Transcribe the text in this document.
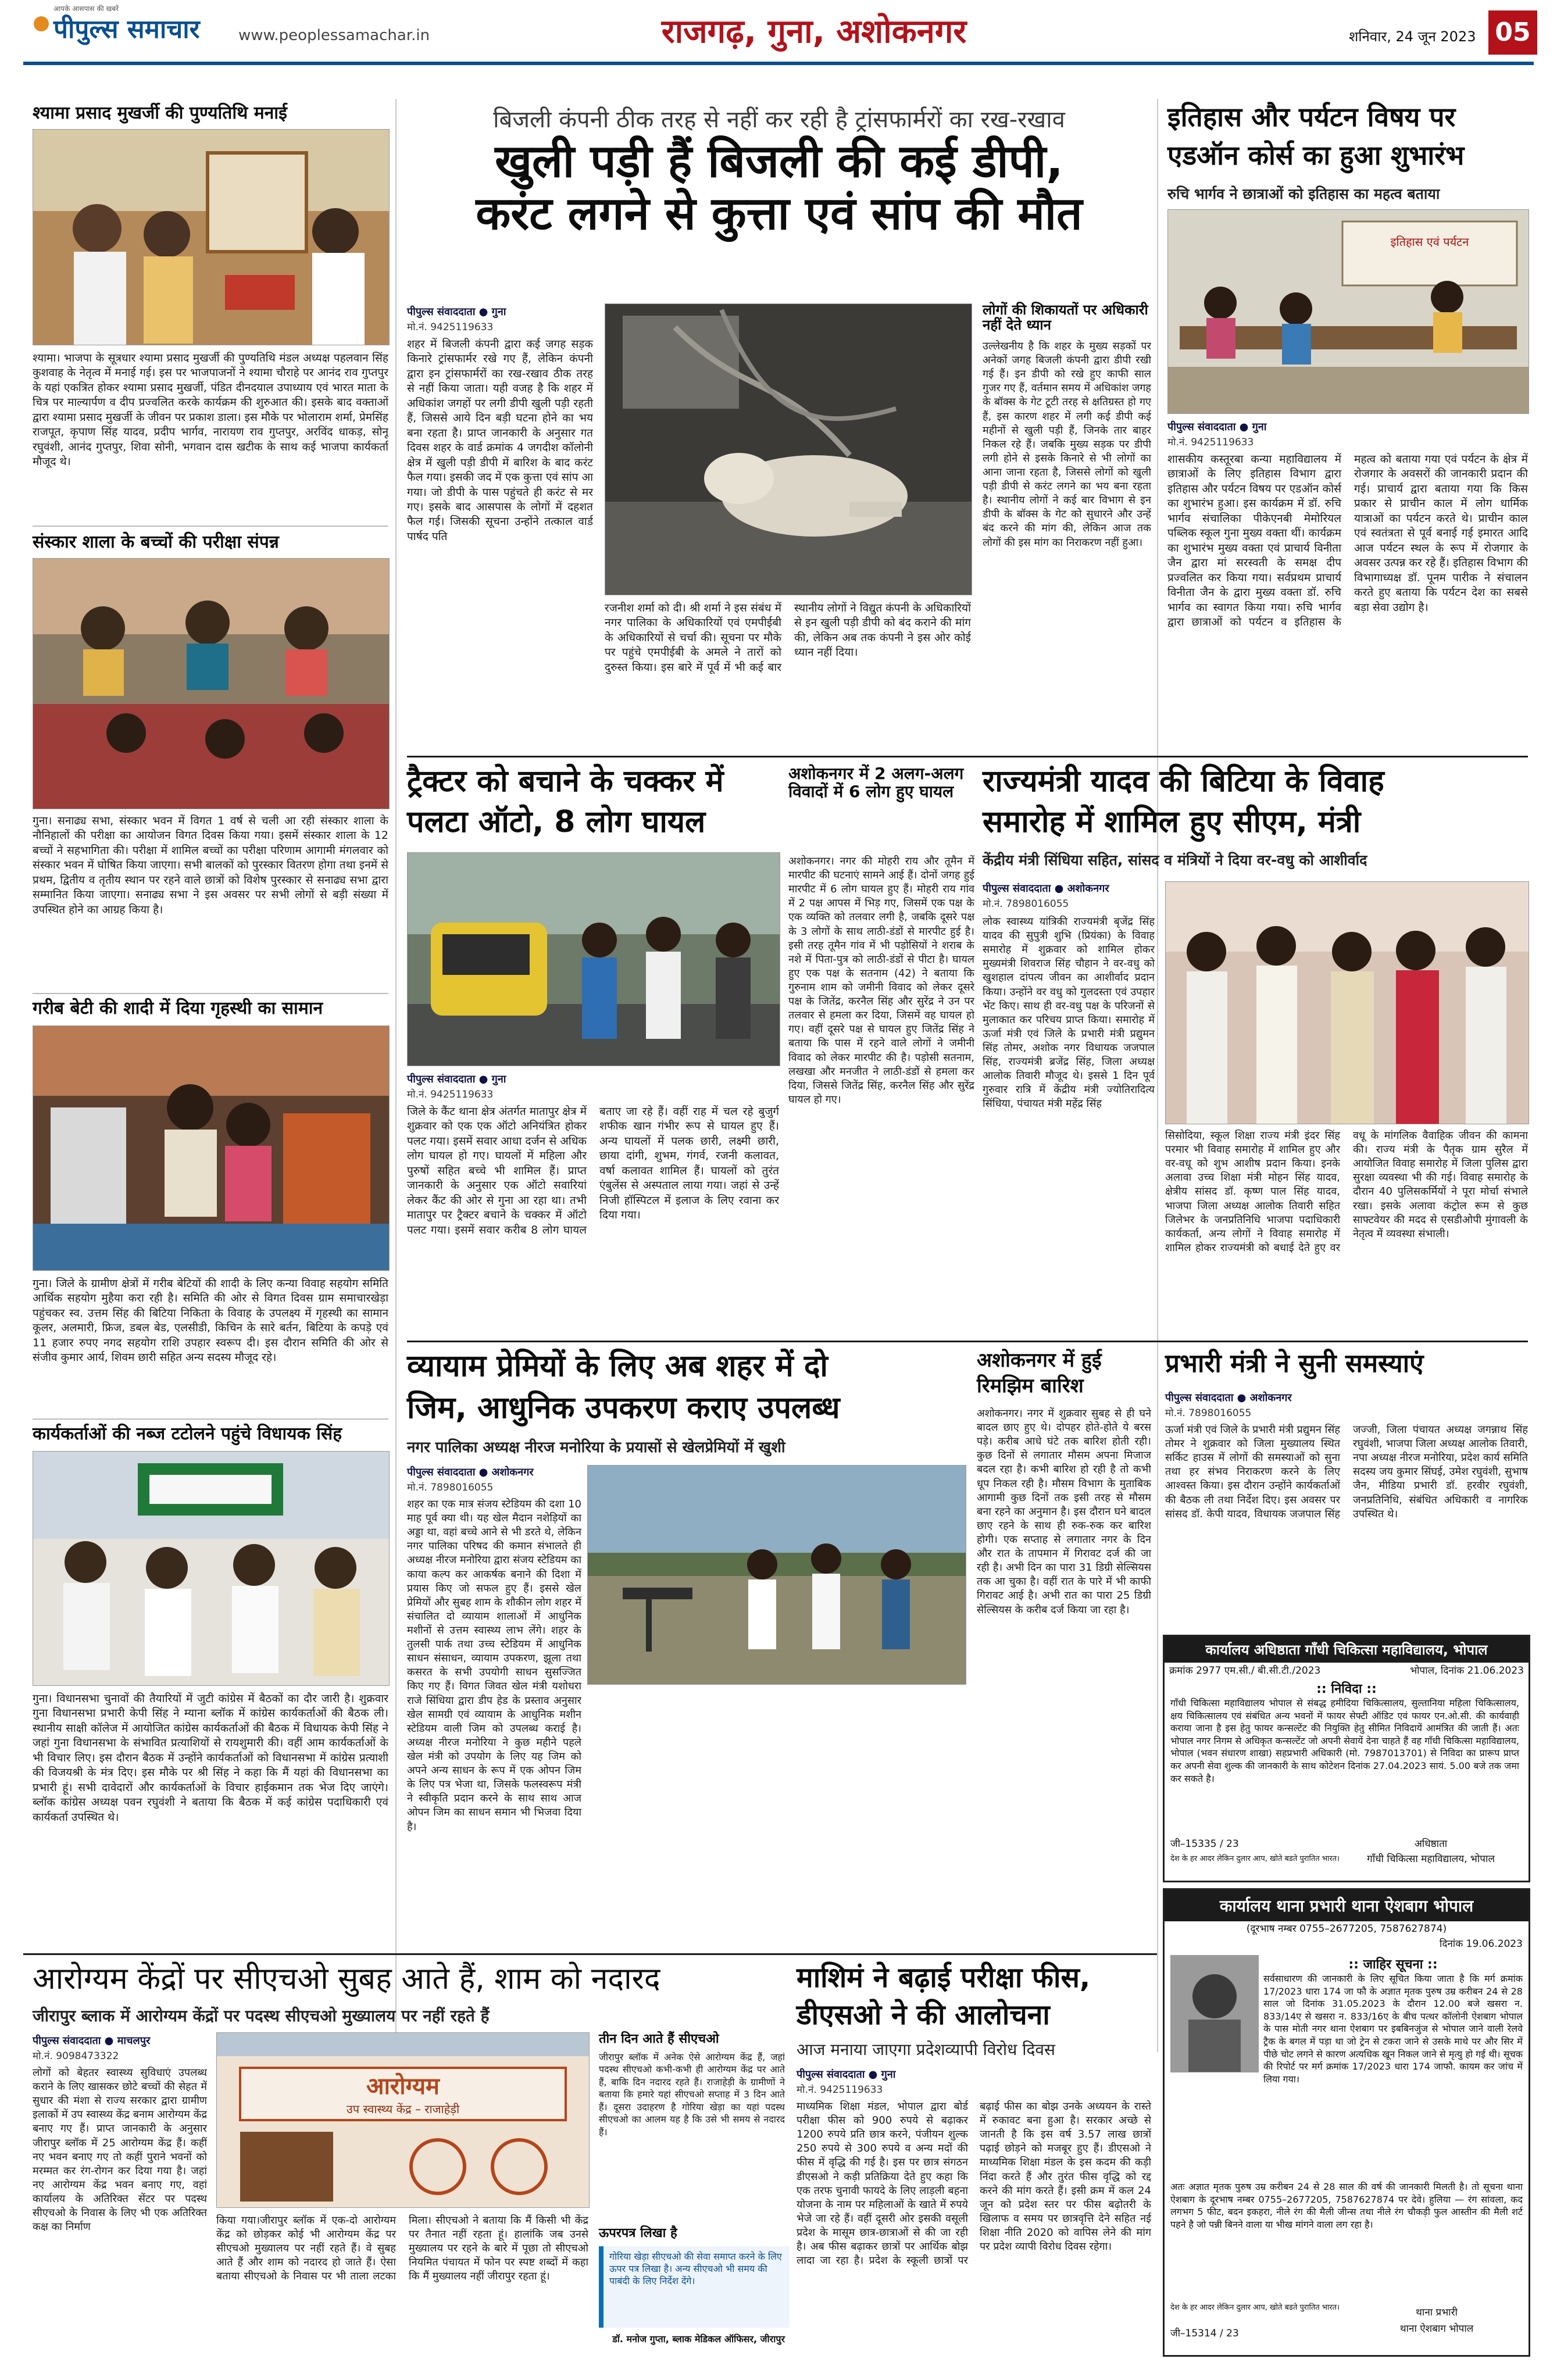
पीपुल्स समाचार
आपके आसपास की खबरें
www.peoplessamachar.in	राजगढ़, गुना, अशोकनगर	शनिवार, 24 जून 2023 05
श्यामा प्रसाद मुखर्जी की पुण्यतिथि मनाई
श्यामा। भाजपा के सूत्रधार श्यामा प्रसाद मुखर्जी की पुण्यतिथि मंडल अध्यक्ष पहलवान सिंह कुशवाह के नेतृत्व में मनाई गई। इस पर भाजपाजनों ने श्यामा चौराहे पर आनंद राव गुप्तपुर के यहां एकत्रित होकर श्यामा प्रसाद मुखर्जी, पंडित दीनदयाल उपाध्याय एवं भारत माता के चित्र पर माल्यार्पण व दीप प्रज्वलित करके कार्यक्रम की शुरुआत की। इसके बाद वक्ताओं द्वारा श्यामा प्रसाद मुखर्जी के जीवन पर प्रकाश डाला। इस मौके पर भोलाराम शर्मा, प्रेमसिंह राजपूत, कृपाण सिंह यादव, प्रदीप भार्गव, नारायण राव गुप्तपुर, अरविंद धाकड़, सोनू रघुवंशी, आनंद गुप्तपुर, शिवा सोनी, भगवान दास खटीक के साथ कई भाजपा कार्यकर्ता मौजूद थे।
संस्कार शाला के बच्चों की परीक्षा संपन्न
गुना। सनाढ्य सभा, संस्कार भवन में विगत 1 वर्ष से चली आ रही संस्कार शाला के नौनिहालों की परीक्षा का आयोजन विगत दिवस किया गया। इसमें संस्कार शाला के 12 बच्चों ने सहभागिता की। परीक्षा में शामिल बच्चों का परीक्षा परिणाम आगामी मंगलवार को संस्कार भवन में घोषित किया जाएगा। सभी बालकों को पुरस्कार वितरण होगा तथा इनमें से प्रथम, द्वितीय व तृतीय स्थान पर रहने वाले छात्रों को विशेष पुरस्कार से सनाढ्य सभा द्वारा सम्मानित किया जाएगा। सनाढ्य सभा ने इस अवसर पर सभी लोगों से बड़ी संख्या में उपस्थित होने का आग्रह किया है।
गरीब बेटी की शादी में दिया गृहस्थी का सामान
गुना। जिले के ग्रामीण क्षेत्रों में गरीब बेटियों की शादी के लिए कन्या विवाह सहयोग समिति आर्थिक सहयोग मुहैया करा रही है। समिति की ओर से विगत दिवस ग्राम समाचारखेड़ा पहुंचकर स्व. उत्तम सिंह की बिटिया निकिता के विवाह के उपलक्ष्य में गृहस्थी का सामान कूलर, अलमारी, फ्रिज, डबल बेड, एलसीडी, किचिन के सारे बर्तन, बिटिया के कपड़े एवं 11 हजार रुपए नगद सहयोग राशि उपहार स्वरूप दी। इस दौरान समिति की ओर से संजीव कुमार आर्य, शिवम छारी सहित अन्य सदस्य मौजूद रहे।
कार्यकर्ताओं की नब्ज टटोलने पहुंचे विधायक सिंह
गुना। विधानसभा चुनावों की तैयारियों में जुटी कांग्रेस में बैठकों का दौर जारी है। शुक्रवार गुना विधानसभा प्रभारी केपी सिंह ने म्याना ब्लॉक में कांग्रेस कार्यकर्ताओं की बैठक ली। स्थानीय साक्षी कॉलेज में आयोजित कांग्रेस कार्यकर्ताओं की बैठक में विधायक केपी सिंह ने जहां गुना विधानसभा के संभावित प्रत्याशियों से रायशुमारी की। वहीं आम कार्यकर्ताओं के भी विचार लिए। इस दौरान बैठक में उन्होंने कार्यकर्ताओं को विधानसभा में कांग्रेस प्रत्याशी की विजयश्री के मंत्र दिए। इस मौके पर श्री सिंह ने कहा कि मैं यहां की विधानसभा का प्रभारी हूं। सभी दावेदारों और कार्यकर्ताओं के विचार हाईकमान तक भेज दिए जाएंगे। ब्लॉक कांग्रेस अध्यक्ष पवन रघुवंशी ने बताया कि बैठक में कई कांग्रेस पदाधिकारी एवं कार्यकर्ता उपस्थित थे।
बिजली कंपनी ठीक तरह से नहीं कर रही है ट्रांसफार्मरों का रख-रखाव
खुली पड़ी हैं बिजली की कई डीपी,
करंट लगने से कुत्ता एवं सांप की मौत
पीपुल्स संवाददाता ● गुना
मो.नं. 9425119633
शहर में बिजली कंपनी द्वारा कई जगह सड़क किनारे ट्रांसफार्मर रखे गए हैं, लेकिन कंपनी द्वारा इन ट्रांसफार्मरों का रख-रखाव ठीक तरह से नहीं किया जाता। यही वजह है कि शहर में अधिकांश जगहों पर लगी डीपी खुली पड़ी रहती हैं, जिससे आये दिन बड़ी घटना होने का भय बना रहता है। प्राप्त जानकारी के अनुसार गत दिवस शहर के वार्ड क्रमांक 4 जगदीश कॉलोनी क्षेत्र में खुली पड़ी डीपी में बारिश के बाद करंट फैल गया। इसकी जद में एक कुत्ता एवं सांप आ गया। जो डीपी के पास पहुंचते ही करंट से मर गए। इसके बाद आसपास के लोगों में दहशत फैल गई। जिसकी सूचना उन्होंने तत्काल वार्ड पार्षद पति
रजनीश शर्मा को दी। श्री शर्मा ने इस संबंध में नगर पालिका के अधिकारियों एवं एमपीईबी के अधिकारियों से चर्चा की। सूचना पर मौके पर पहुंचे एमपीईबी के अमले ने तारों को दुरुस्त किया। इस बारे में पूर्व में भी कई बार स्थानीय लोगों ने विद्युत कंपनी के अधिकारियों से इन खुली पड़ी डीपी को बंद कराने की मांग की, लेकिन अब तक कंपनी ने इस ओर कोई ध्यान नहीं दिया।
लोगों की शिकायतों पर अधिकारी नहीं देते ध्यान
उल्लेखनीय है कि शहर के मुख्य सड़कों पर अनेकों जगह बिजली कंपनी द्वारा डीपी रखी गई हैं। इन डीपी को रखे हुए काफी साल गुजर गए हैं, वर्तमान समय में अधिकांश जगह के बॉक्स के गेट टूटी तरह से क्षतिग्रस्त हो गए हैं, इस कारण शहर में लगी कई डीपी कई महीनों से खुली पड़ी हैं, जिनके तार बाहर निकल रहे हैं। जबकि मुख्य सड़क पर डीपी लगी होने से इसके किनारे से भी लोगों का आना जाना रहता है, जिससे लोगों को खुली पड़ी डीपी से करंट लगने का भय बना रहता है। स्थानीय लोगों ने कई बार विभाग से इन डीपी के बॉक्स के गेट को सुधारने और उन्हें बंद करने की मांग की, लेकिन आज तक लोगों की इस मांग का निराकरण नहीं हुआ।
ट्रैक्टर को बचाने के चक्कर में
पलटा ऑटो, 8 लोग घायल
पीपुल्स संवाददाता ● गुना
मो.नं. 9425119633
जिले के कैंट थाना क्षेत्र अंतर्गत मातापुर क्षेत्र में शुक्रवार को एक एक ऑटो अनियंत्रित होकर पलट गया। इसमें सवार आधा दर्जन से अधिक लोग घायल हो गए। घायलों में महिला और पुरुषों सहित बच्चे भी शामिल हैं। प्राप्त जानकारी के अनुसार एक ऑटो सवारियां लेकर कैंट की ओर से गुना आ रहा था। तभी मातापुर पर ट्रैक्टर बचाने के चक्कर में ऑटो पलट गया। इसमें सवार करीब 8 लोग घायल बताए जा रहे हैं। वहीं राह में चल रहे बुजुर्ग शफीक खान गंभीर रूप से घायल हुए हैं। अन्य घायलों में पलक छारी, लक्ष्मी छारी, छाया दांगी, शुभम, गंगर्व, रजनी कलावत, वर्षा कलावत शामिल हैं। घायलों को तुरंत एंबुलेंस से अस्पताल लाया गया। जहां से उन्हें निजी हॉस्पिटल में इलाज के लिए रवाना कर दिया गया।
अशोकनगर में 2 अलग-अलग विवादों में 6 लोग हुए घायल
अशोकनगर। नगर की मोहरी राय और तूमैन में मारपीट की घटनाएं सामने आई हैं। दोनों जगह हुई मारपीट में 6 लोग घायल हुए हैं। मोहरी राय गांव में 2 पक्ष आपस में भिड़ गए, जिसमें एक पक्ष के एक व्यक्ति को तलवार लगी है, जबकि दूसरे पक्ष के 3 लोगों के साथ लाठी-डंडों से मारपीट हुई है। इसी तरह तूमैन गांव में भी पड़ोसियों ने शराब के नशे में पिता-पुत्र को लाठी-डंडों से पीटा है। घायल हुए एक पक्ष के सतनाम (42) ने बताया कि गुरुनाम शाम को जमीनी विवाद को लेकर दूसरे पक्ष के जितेंद्र, करनैल सिंह और सुरेंद्र ने उन पर तलवार से हमला कर दिया, जिसमें वह घायल हो गए। वहीं दूसरे पक्ष से घायल हुए जितेंद्र सिंह ने बताया कि पास में रहने वाले लोगों ने जमीनी विवाद को लेकर मारपीट की है। पड़ोसी सतनाम, लखखा और मनजीत ने लाठी-डंडों से हमला कर दिया, जिससे जितेंद्र सिंह, करनैल सिंह और सुरेंद्र घायल हो गए।
इतिहास और पर्यटन विषय पर
एडऑन कोर्स का हुआ शुभारंभ
रुचि भार्गव ने छात्राओं को इतिहास का महत्व बताया
इतिहास एवं पर्यटन
पीपुल्स संवाददाता ● गुना
मो.नं. 9425119633
शासकीय कस्तूरबा कन्या महाविद्यालय में छात्राओं के लिए इतिहास विभाग द्वारा इतिहास और पर्यटन विषय पर एडऑन कोर्स का शुभारंभ हुआ। इस कार्यक्रम में डॉ. रुचि भार्गव संचालिका पीकेएनबी मेमोरियल पब्लिक स्कूल गुना मुख्य वक्ता थीं। कार्यक्रम का शुभारंभ मुख्य वक्ता एवं प्राचार्य विनीता जैन द्वारा मां सरस्वती के समक्ष दीप प्रज्वलित कर किया गया। सर्वप्रथम प्राचार्य विनीता जैन के द्वारा मुख्य वक्ता डॉ. रुचि भार्गव का स्वागत किया गया। रुचि भार्गव द्वारा छात्राओं को पर्यटन व इतिहास के महत्व को बताया गया एवं पर्यटन के क्षेत्र में रोजगार के अवसरों की जानकारी प्रदान की गई। प्राचार्य द्वारा बताया गया कि किस प्रकार से प्राचीन काल में लोग धार्मिक यात्राओं का पर्यटन करते थे। प्राचीन काल एवं स्वतंत्रता से पूर्व बनाई गई इमारत आदि आज पर्यटन स्थल के रूप में रोजगार के अवसर उत्पन्न कर रहे हैं। इतिहास विभाग की विभागाध्यक्ष डॉ. पूनम पारीक ने संचालन करते हुए बताया कि पर्यटन देश का सबसे बड़ा सेवा उद्योग है।
राज्यमंत्री यादव की बिटिया के विवाह
समारोह में शामिल हुए सीएम, मंत्री
केंद्रीय मंत्री सिंधिया सहित, सांसद व मंत्रियों ने दिया वर-वधु को आशीर्वाद
पीपुल्स संवाददाता ● अशोकनगर
मो.नं. 7898016055
लोक स्वास्थ्य यांत्रिकी राज्यमंत्री बृजेंद्र सिंह यादव की सुपुत्री शुभि (प्रियंका) के विवाह समारोह में शुक्रवार को शामिल होकर मुख्यमंत्री शिवराज सिंह चौहान ने वर-वधु को खुशहाल दांपत्य जीवन का आशीर्वाद प्रदान किया। उन्होंने वर वधु को गुलदस्ता एवं उपहार भेंट किए। साथ ही वर-वधु पक्ष के परिजनों से मुलाकात कर परिचय प्राप्त किया। समारोह में ऊर्जा मंत्री एवं जिले के प्रभारी मंत्री प्रद्युमन सिंह तोमर, अशोक नगर विधायक जजपाल सिंह, राज्यमंत्री ब्रजेंद्र सिंह, जिला अध्यक्ष आलोक तिवारी मौजूद थे। इससे 1 दिन पूर्व गुरुवार रात्रि में केंद्रीय मंत्री ज्योतिरादित्य सिंधिया, पंचायत मंत्री महेंद्र सिंह
सिसोदिया, स्कूल शिक्षा राज्य मंत्री इंदर सिंह परमार भी विवाह समारोह में शामिल हुए और वर-वधू को शुभ आशीष प्रदान किया। इनके अलावा उच्च शिक्षा मंत्री मोहन सिंह यादव, क्षेत्रीय सांसद डॉ. कृष्ण पाल सिंह यादव, भाजपा जिला अध्यक्ष आलोक तिवारी सहित जिलेभर के जनप्रतिनिधि भाजपा पदाधिकारी कार्यकर्ता, अन्य लोगों ने विवाह समारोह में शामिल होकर राज्यमंत्री को बधाई देते हुए वर वधू के मांगलिक वैवाहिक जीवन की कामना की। राज्य मंत्री के पैतृक ग्राम सुरैल में आयोजित विवाह समारोह में जिला पुलिस द्वारा सुरक्षा व्यवस्था भी की गई। विवाह समारोह के दौरान 40 पुलिसकर्मियों ने पूरा मोर्चा संभाले रखा। इसके अलावा कंट्रोल रूम से कुछ साफ्टवेयर की मदद से एसडीओपी मुंगावली के नेतृत्व में व्यवस्था संभाली।
व्यायाम प्रेमियों के लिए अब शहर में दो
जिम, आधुनिक उपकरण कराए उपलब्ध
नगर पालिका अध्यक्ष नीरज मनोरिया के प्रयासों से खेलप्रेमियों में खुशी
पीपुल्स संवाददाता ● अशोकनगर
मो.नं. 7898016055
शहर का एक मात्र संजय स्टेडियम की दशा 10 माह पूर्व क्या थी। यह खेल मैदान नशेड़ियों का अड्डा था, वहां बच्चे आने से भी डरते थे, लेकिन नगर पालिका परिषद की कमान संभालते ही अध्यक्ष नीरज मनोरिया द्वारा संजय स्टेडियम का काया कल्प कर आकर्षक बनाने की दिशा में प्रयास किए जो सफल हुए हैं। इससे खेल प्रेमियों और सुबह शाम के शौकीन लोग शहर में संचालित दो व्यायाम शालाओं में आधुनिक मशीनों से उत्तम स्वास्थ्य लाभ लेंगे। शहर के तुलसी पार्क तथा उच्च स्टेडियम में आधुनिक साधन संसाधन, व्यायाम उपकरण, झूला तथा कसरत के सभी उपयोगी साधन सुसज्जित किए गए हैं। विगत जिवत खेल मंत्री यशोधरा राजे सिंधिया द्वारा डीप हेड के प्रस्ताव अनुसार खेल सामग्री एवं व्यायाम के आधुनिक मशीन स्टेडियम वाली जिम को उपलब्ध कराई है। अध्यक्ष नीरज मनोरिया ने कुछ महीने पहले खेल मंत्री को उपयोग के लिए यह जिम को अपने अन्य साधन के रूप में एक ओपन जिम के लिए पत्र भेजा था, जिसके फलस्वरूप मंत्री ने स्वीकृति प्रदान करने के साथ साथ आज ओपन जिम का साधन समान भी भिजवा दिया है।
अशोकनगर में हुई
रिमझिम बारिश
अशोकनगर। नगर में शुक्रवार सुबह से ही घने बादल छाए हुए थे। दोपहर होते-होते ये बरस पड़े। करीब आधे घंटे तक बारिश होती रही। कुछ दिनों से लगातार मौसम अपना मिजाज बदल रहा है। कभी बारिश हो रही है तो कभी धूप निकल रही है। मौसम विभाग के मुताबिक आगामी कुछ दिनों तक इसी तरह से मौसम बना रहने का अनुमान है। इस दौरान घने बादल छाए रहने के साथ ही रुक-रुक कर बारिश होगी। एक सप्ताह से लगातार नगर के दिन और रात के तापमान में गिरावट दर्ज की जा रही है। अभी दिन का पारा 31 डिग्री सेल्सियस तक आ चुका है। वहीं रात के पारे में भी काफी गिरावट आई है। अभी रात का पारा 25 डिग्री सेल्सियस के करीब दर्ज किया जा रहा है।
प्रभारी मंत्री ने सुनी समस्याएं
पीपुल्स संवाददाता ● अशोकनगर
मो.नं. 7898016055
ऊर्जा मंत्री एवं जिले के प्रभारी मंत्री प्रद्युमन सिंह तोमर ने शुक्रवार को जिला मुख्यालय स्थित सर्किट हाउस में लोगों की समस्याओं को सुना तथा हर संभव निराकरण करने के लिए आश्वस्त किया। इस दौरान उन्होंने कार्यकर्ताओं की बैठक ली तथा निर्देश दिए। इस अवसर पर सांसद डॉ. केपी यादव, विधायक जजपाल सिंह जज्जी, जिला पंचायत अध्यक्ष जगन्नाथ सिंह रघुवंशी, भाजपा जिला अध्यक्ष आलोक तिवारी, नपा अध्यक्ष नीरज मनोरिया, प्रदेश कार्य समिति सदस्य जय कुमार सिंघई, उमेश रघुवंशी, सुभाष जैन, मीडिया प्रभारी डॉ. हरवीर रघुवंशी, जनप्रतिनिधि, संबंधित अधिकारी व नागरिक उपस्थित थे।
कार्यालय अधिष्ठाता गाँधी चिकित्सा महाविद्यालय, भोपाल
क्रमांक 2977 एम.सी./ बी.सी.टी./2023	भोपाल, दिनांक 21.06.2023
:: निविदा ::
गाँधी चिकित्सा महाविद्यालय भोपाल से संबद्ध हमीदिया चिकित्सालय, सुल्तानिया महिला चिकित्सालय, क्षय चिकित्सालय एवं संबंधित अन्य भवनों में फायर सेफ्टी ऑडिट एवं फायर एन.ओ.सी. की कार्यवाही कराया जाना है इस हेतु फायर कन्सल्टेंट की नियुक्ति हेतु सीमित निविदायें आमंत्रित की जाती हैं। अतः भोपाल नगर निगम से अधिकृत कन्सल्टेंट जो अपनी सेवायें देना चाहते हैं वह गाँधी चिकित्सा महाविद्यालय, भोपाल (भवन संधारण शाखा) सहप्रभारी अधिकारी (मो. 7987013701) से निविदा का प्रारूप प्राप्त कर अपनी सेवा शुल्क की जानकारी के साथ कोटेशन दिनांक 27.04.2023 सायं. 5.00 बजे तक जमा कर सकते है।
जी–15335 / 23
देश के हर आदर लेकिन दुलार आप, खोते बडते पुरातित भारत।
अधिष्ठाता
गाँधी चिकित्सा महाविद्यालय, भोपाल
कार्यालय थाना प्रभारी थाना ऐशबाग भोपाल
(दूरभाष नम्बर 0755–2677205, 7587627874)
दिनांक 19.06.2023
:: जाहिर सूचना ::
सर्वसाधारण की जानकारी के लिए सूचित किया जाता है कि मर्ग क्रमांक 17/2023 धारा 174 जा फौ के अज्ञात मृतक पुरुष उम्र करीबन 24 से 28 साल जो दिनांक 31.05.2023 के दौरान 12.00 बजे खसरा न. 833/14ए से खसरा न. 833/16ए के बीच पत्थर कॉलोनी ऐशबाग भोपाल के पास मोती नगर थाना ऐशबाग पर इबबिनजुंज से भोपाल जाने वाली रेलवे ट्रैक के बगल में पड़ा था जो ट्रेन से टकरा जाने से उसके माथे पर और सिर में पीछे चोट लगने से कारण अत्यधिक खून निकल जाने से मृत्यु हो गई थी। सूचक की रिपोर्ट पर मर्ग क्रमांक 17/2023 धारा 174 जाफौ. कायम कर जांच में लिया गया।
अतः अज्ञात मृतक पुरुष उम्र करीबन 24 से 28 साल की वर्ष की जानकारी मिलती है। तो सूचना थाना ऐशबाग के दूरभाष नम्बर 0755–2677205, 7587627874 पर देवे। हुलिया — रंग सांवला, कद लगभग 5 फीट, बदन इकहरा, नीले रंग की मैली जीन्स तथा नीले रंग चौकड़ी फुल आस्तीन की मैली शर्ट पहने है जो पन्नी बिनने वाला या भीख मांगने वाला लग रहा है।
देश के हर आदर लेकिन दुलार आप, खोते बडते पुरातित भारत।
जी–15314 / 23
थाना प्रभारी
थाना ऐशबाग भोपाल
आरोग्यम केंद्रों पर सीएचओ सुबह आते हैं, शाम को नदारद
जीरापुर ब्लाक में आरोग्यम केंद्रों पर पदस्थ सीएचओ मुख्यालय पर नहीं रहते हैं
पीपुल्स संवाददाता ● माचलपुर
मो.नं. 9098473322
लोगों को बेहतर स्वास्थ्य सुविधाएं उपलब्ध कराने के लिए खासकर छोटे बच्चों की सेहत में सुधार की मंशा से राज्य सरकार द्वारा ग्रामीण इलाकों में उप स्वास्थ्य केंद्र बनाम आरोग्यम केंद्र बनाए गए हैं। प्राप्त जानकारी के अनुसार जीरापुर ब्लॉक में 25 आरोग्यम केंद्र हैं। कहीं नए भवन बनाए गए तो कहीं पुराने भवनों को मरम्मत कर रंग-रोगन कर दिया गया है। जहां नए आरोग्यम केंद्र भवन बनाए गए, वहां कार्यालय के अतिरिक्त सेंटर पर पदस्थ सीएचओ के निवास के लिए भी एक अतिरिक्त कक्ष का निर्माण
आरोग्यम
उप स्वास्थ्य केंद्र – राजाहेड़ी
किया गया।जीरापुर ब्लॉक में एक-दो आरोग्यम केंद्र को छोड़कर कोई भी आरोग्यम केंद्र पर सीएचओ मुख्यालय पर नहीं रहते हैं। वे सुबह आते हैं और शाम को नदारद हो जाते हैं। ऐसा बताया सीएचओ के निवास पर भी ताला लटका मिला। सीएचओ ने बताया कि मैं किसी भी केंद्र पर तैनात नहीं रहता हूं। हालांकि जब उनसे मुख्यालय पर रहने के बारे में पूछा तो सीएचओ नियमित पंचायत में फोन पर स्पष्ट शब्दों में कहा कि मैं मुख्यालय नहीं जीरापुर रहता हूं।
तीन दिन आते हैं सीएचओ
जीरापुर ब्लॉक में अनेक ऐसे आरोग्यम केंद्र हैं, जहां पदस्थ सीएचओ कभी-कभी ही आरोग्यम केंद्र पर आते हैं, बाकि दिन नदारद रहते हैं। राजाहेड़ी के ग्रामीणों ने बताया कि हमारे यहां सीएचओ सप्ताह में 3 दिन आते हैं। दूसरा उदाहरण है गोरिया खेड़ा का यहां पदस्थ सीएचओ का आलम यह है कि उसे भी समय से नदारद हैं।
ऊपरपत्र लिखा है
गोरिया खेड़ा सीएचओ की सेवा समाप्त करने के लिए ऊपर पत्र लिखा है। अन्य सीएचओ भी समय की पाबंदी के लिए निर्देश देंगे।
डॉ. मनोज गुप्ता, ब्लाक मेडिकल ऑफिसर, जीरापुर
माशिमं ने बढ़ाई परीक्षा फीस,
डीएसओ ने की आलोचना
आज मनाया जाएगा प्रदेशव्यापी विरोध दिवस
पीपुल्स संवाददाता ● गुना
मो.नं. 9425119633
माध्यमिक शिक्षा मंडल, भोपाल द्वारा बोर्ड परीक्षा फीस को 900 रुपये से बढ़ाकर 1200 रुपये प्रति छात्र करने, पंजीयन शुल्क 250 रुपये से 300 रुपये व अन्य मदों की फीस में वृद्धि की गई है। इस पर छात्र संगठन डीएसओ ने कड़ी प्रतिक्रिया देते हुए कहा कि एक तरफ चुनावी फायदे के लिए लाड़ली बहना योजना के नाम पर महिलाओं के खाते में रुपये भेजे जा रहे हैं। वहीं दूसरी ओर इसकी वसूली प्रदेश के मासूम छात्र-छात्राओं से की जा रही है। अब फीस बढ़ाकर छात्रों पर आर्थिक बोझ लादा जा रहा है। प्रदेश के स्कूली छात्रों पर बढ़ाई फीस का बोझ उनके अध्ययन के रास्ते में रुकावट बना हुआ है। सरकार अच्छे से जानती है कि इस वर्ष 3.57 लाख छात्रों पढ़ाई छोड़ने को मजबूर हुए हैं। डीएसओ ने माध्यमिक शिक्षा मंडल के इस कदम की कड़ी निंदा करते हैं और तुरंत फीस वृद्धि को रद्द करने की मांग करते हैं। इसी क्रम में कल 24 जून को प्रदेश स्तर पर फीस बढ़ोतरी के खिलाफ व समय पर छात्रवृत्ति देने सहित नई शिक्षा नीति 2020 को वापिस लेने की मांग पर प्रदेश व्यापी विरोध दिवस रहेगा।
